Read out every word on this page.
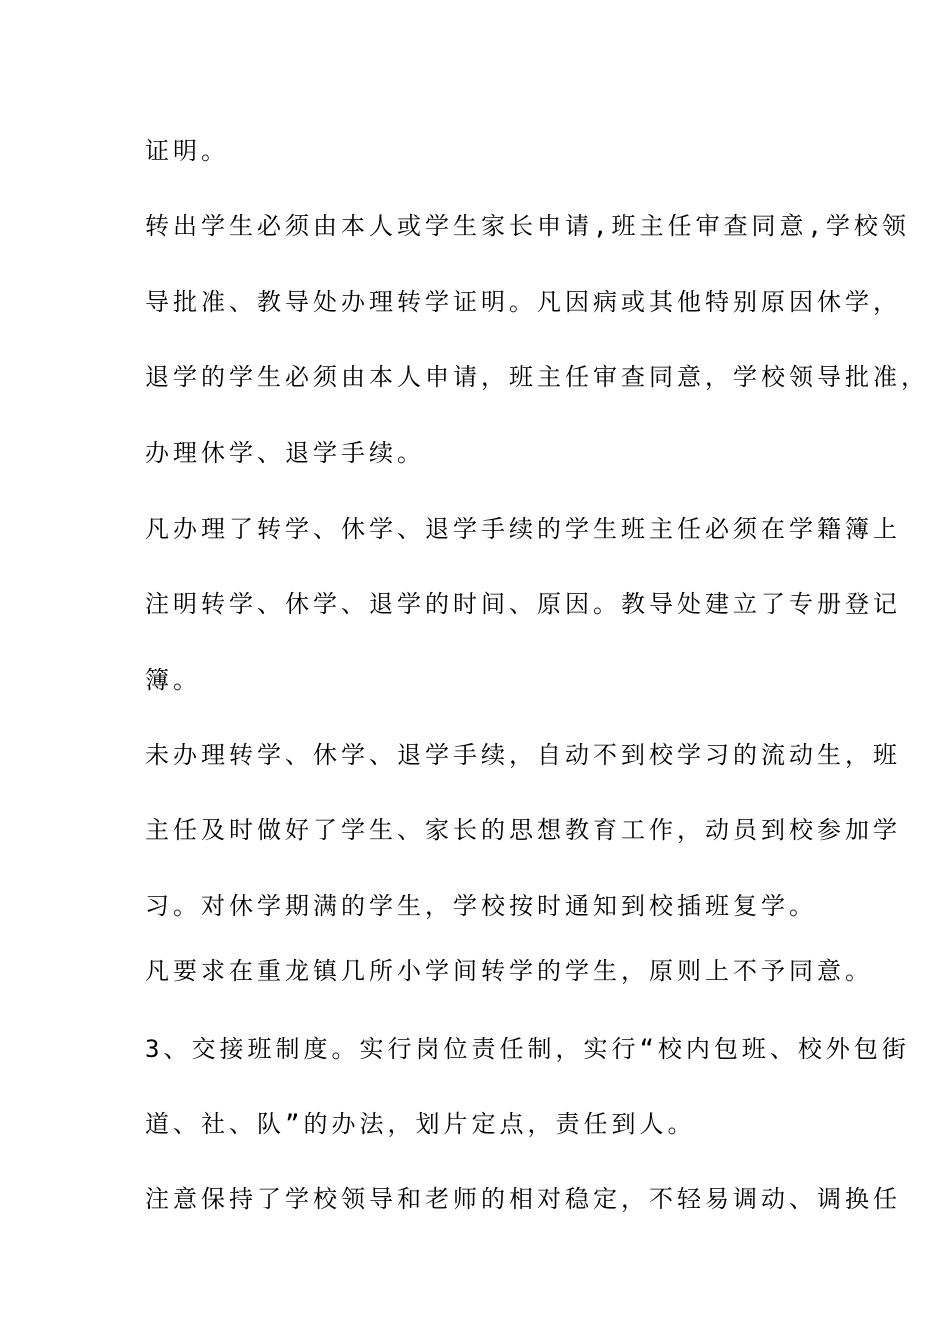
证明。
转出学生必须由本人或学生家长申请,班主任审查同意,学校领
导批准、教导处办理转学证明。凡因病或其他特别原因休学，
退学的学生必须由本人申请，班主任审查同意，学校领导批准，
办理休学、退学手续。
凡办理了转学、休学、退学手续的学生班主任必须在学籍簿上
注明转学、休学、退学的时间、原因。教导处建立了专册登记
簿。
未办理转学、休学、退学手续，自动不到校学习的流动生，班
主任及时做好了学生、家长的思想教育工作，动员到校参加学
习。对休学期满的学生，学校按时通知到校插班复学。
凡要求在重龙镇几所小学间转学的学生，原则上不予同意。
3、交接班制度。实行岗位责任制，实行“校内包班、校外包街
道、社、队”的办法，划片定点，责任到人。
注意保持了学校领导和老师的相对稳定，不轻易调动、调换任
